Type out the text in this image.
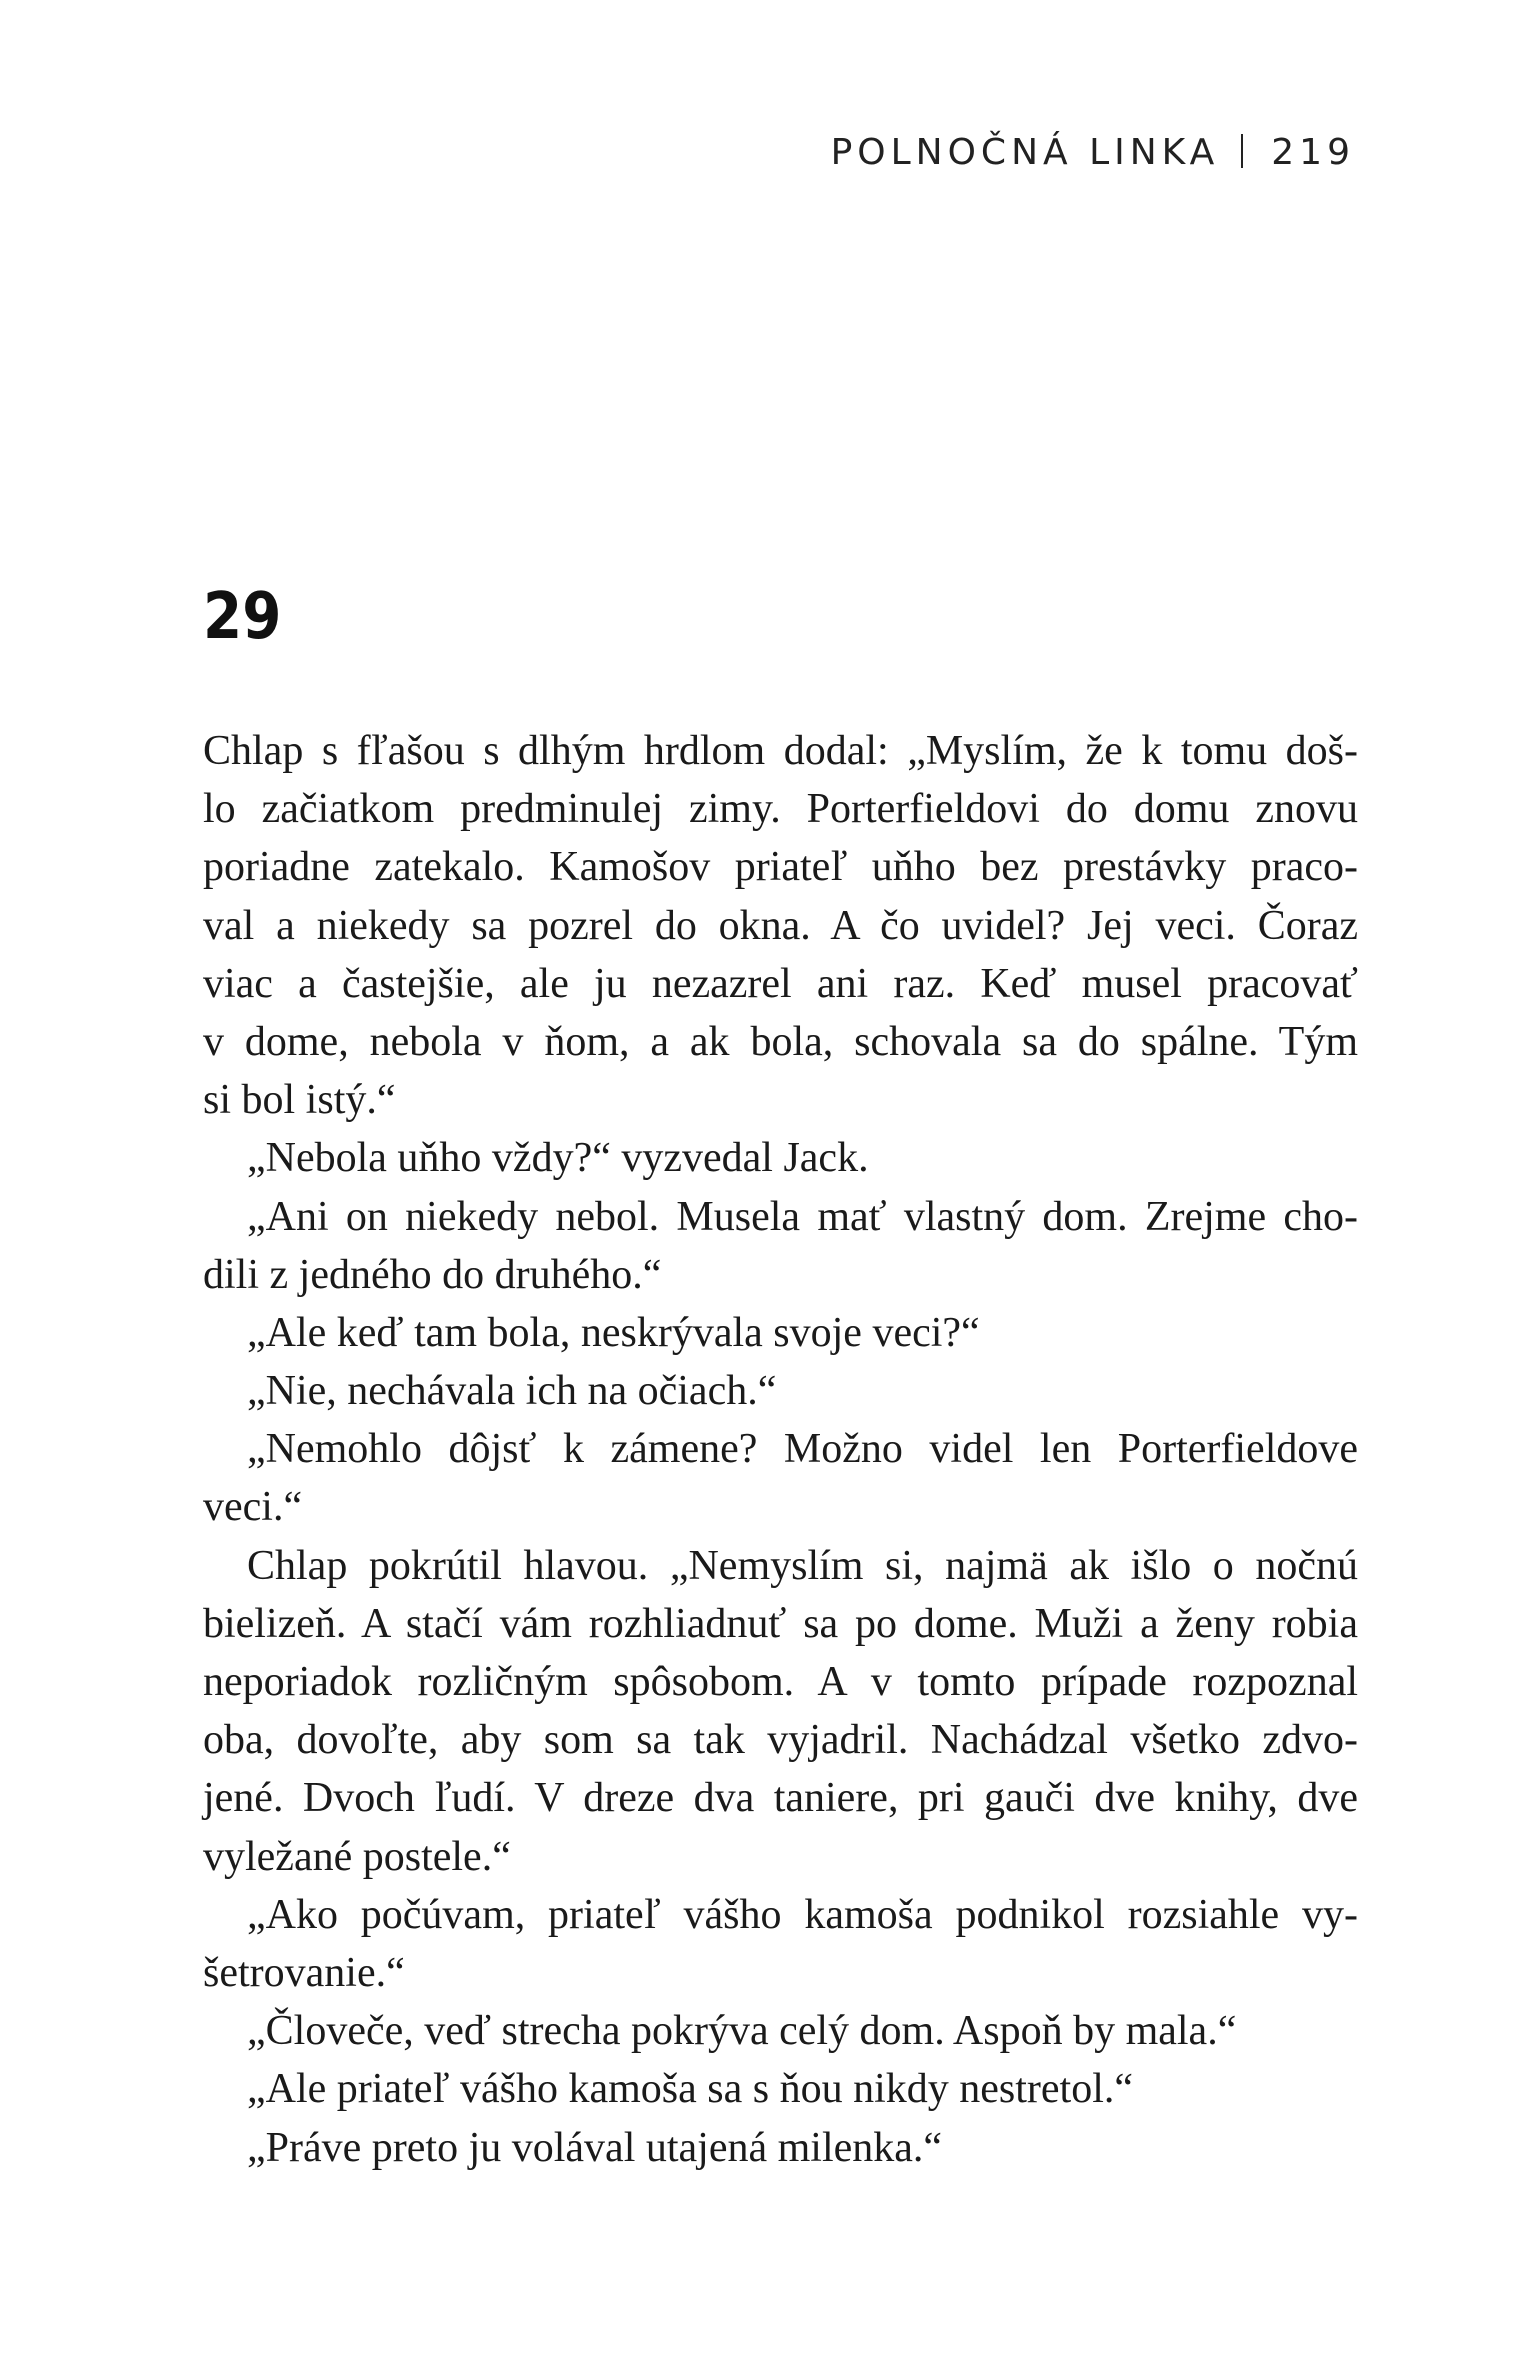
POLNOČNÁ LINKA 219
29
Chlap s fľašou s dlhým hrdlom dodal: „Myslím, že k tomu doš-
lo začiatkom predminulej zimy. Porterfieldovi do domu znovu
poriadne zatekalo. Kamošov priateľ uňho bez prestávky praco-
val a niekedy sa pozrel do okna. A čo uvidel? Jej veci. Čoraz
viac a častejšie, ale ju nezazrel ani raz. Keď musel pracovať
v dome, nebola v ňom, a ak bola, schovala sa do spálne. Tým
si bol istý.“
„Nebola uňho vždy?“ vyzvedal Jack.
„Ani on niekedy nebol. Musela mať vlastný dom. Zrejme cho-
dili z jedného do druhého.“
„Ale keď tam bola, neskrývala svoje veci?“
„Nie, nechávala ich na očiach.“
„Nemohlo dôjsť k zámene? Možno videl len Porterfieldove
veci.“
Chlap pokrútil hlavou. „Nemyslím si, najmä ak išlo o nočnú
bielizeň. A stačí vám rozhliadnuť sa po dome. Muži a ženy robia
neporiadok rozličným spôsobom. A v tomto prípade rozpoznal
oba, dovoľte, aby som sa tak vyjadril. Nachádzal všetko zdvo-
jené. Dvoch ľudí. V dreze dva taniere, pri gauči dve knihy, dve
vyležané postele.“
„Ako počúvam, priateľ vášho kamoša podnikol rozsiahle vy-
šetrovanie.“
„Človeče, veď strecha pokrýva celý dom. Aspoň by mala.“
„Ale priateľ vášho kamoša sa s ňou nikdy nestretol.“
„Práve preto ju volával utajená milenka.“
